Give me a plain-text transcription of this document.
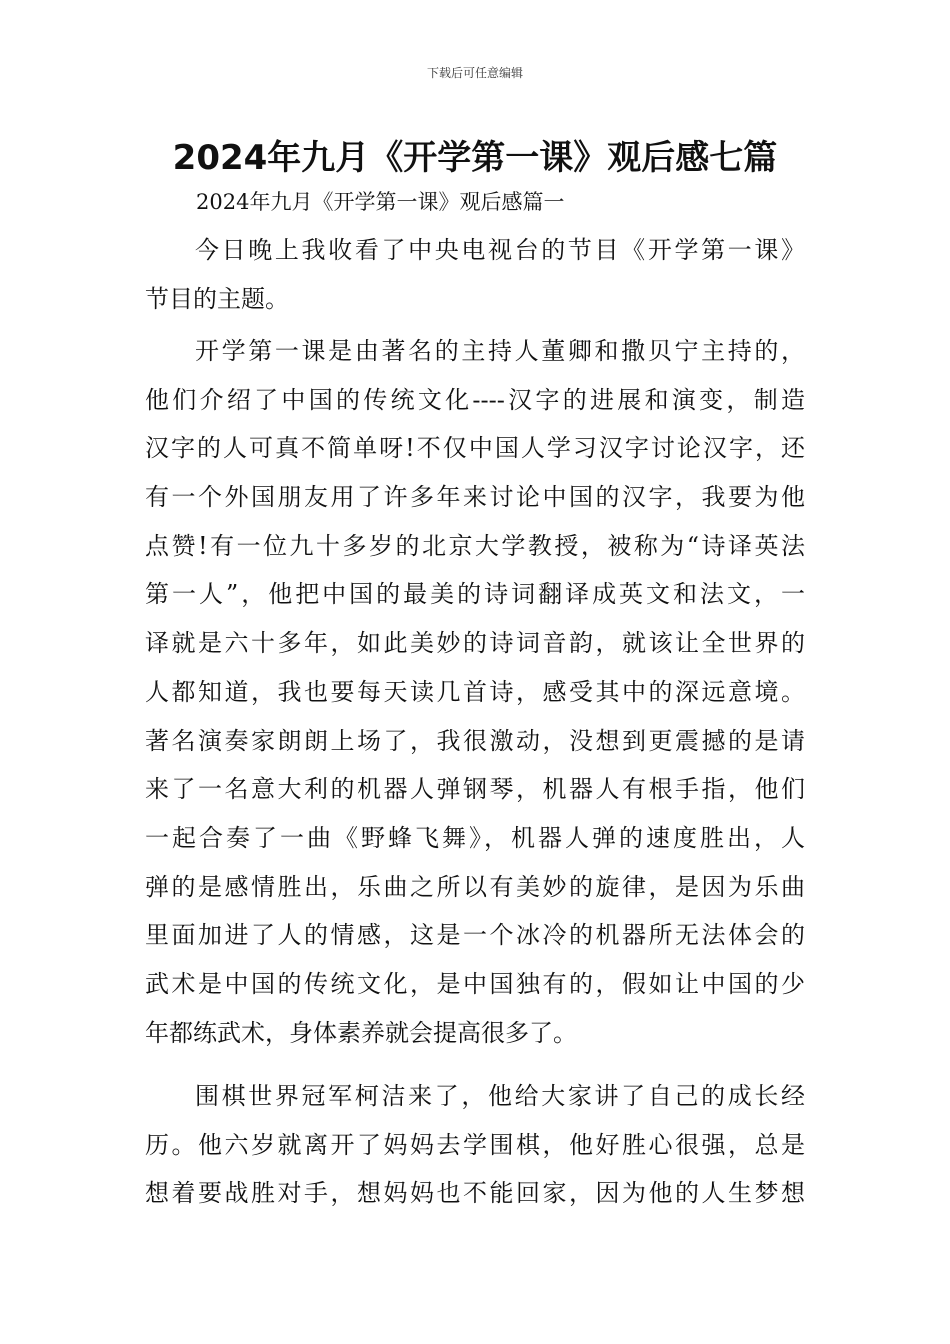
下载后可任意编辑
2024年九月《开学第一课》观后感七篇
2024年九月《开学第一课》观后感篇一
今日晚上我收看了中央电视台的节目《开学第一课》
节目的主题。
开学第一课是由著名的主持人董卿和撒贝宁主持的，
他们介绍了中国的传统文化----汉字的进展和演变，制造
汉字的人可真不简单呀!不仅中国人学习汉字讨论汉字，还
有一个外国朋友用了许多年来讨论中国的汉字，我要为他
点赞!有一位九十多岁的北京大学教授，被称为“诗译英法
第一人”，他把中国的最美的诗词翻译成英文和法文，一
译就是六十多年，如此美妙的诗词音韵，就该让全世界的
人都知道，我也要每天读几首诗，感受其中的深远意境。
著名演奏家朗朗上场了，我很激动，没想到更震撼的是请
来了一名意大利的机器人弹钢琴，机器人有根手指，他们
一起合奏了一曲《野蜂飞舞》，机器人弹的速度胜出，人
弹的是感情胜出，乐曲之所以有美妙的旋律，是因为乐曲
里面加进了人的情感，这是一个冰冷的机器所无法体会的
武术是中国的传统文化，是中国独有的，假如让中国的少
年都练武术，身体素养就会提高很多了。
围棋世界冠军柯洁来了，他给大家讲了自己的成长经
历。他六岁就离开了妈妈去学围棋，他好胜心很强，总是
想着要战胜对手，想妈妈也不能回家，因为他的人生梦想
